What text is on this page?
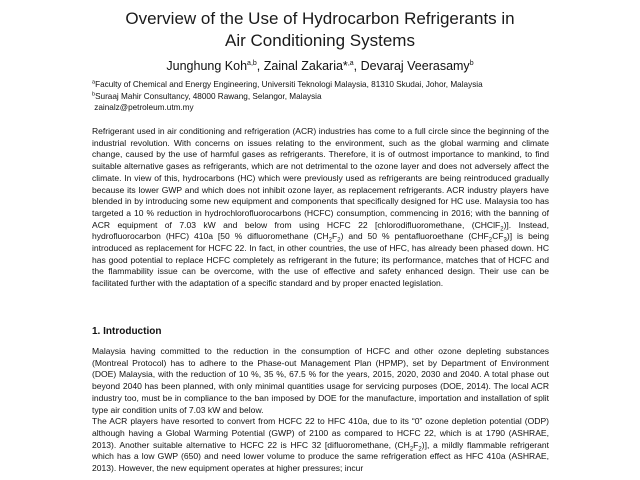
Overview of the Use of Hydrocarbon Refrigerants in
Air Conditioning Systems
Junghung Koh$^{a,b}$, Zainal Zakaria*$^{,a}$, Devaraj Veerasamy$^b$
$^a$Faculty of Chemical and Energy Engineering, Universiti Teknologi Malaysia, 81310 Skudai, Johor, Malaysia
$^b$Suraaj Mahir Consultancy, 48000 Rawang, Selangor, Malaysia
zainalz@petroleum.utm.my

Refrigerant used in air conditioning and refrigeration (ACR) industries has come to a full circle since the beginning of the industrial revolution. With concerns on issues relating to the environment, such as the global warming and climate change, caused by the use of harmful gases as refrigerants. Therefore, it is of outmost importance to mankind, to find suitable alternative gases as refrigerants, which are not detrimental to the ozone layer and does not adversely affect the climate. In view of this, hydrocarbons (HC) which were previously used as refrigerants are being reintroduced gradually because its lower GWP and which does not inhibit ozone layer, as replacement refrigerants. ACR industry players have blended in by introducing some new equipment and components that specifically designed for HC use. Malaysia too has targeted a 10 % reduction in hydrochlorofluorocarbons (HCFC) consumption, commencing in 2016; with the banning of ACR equipment of 7.03 kW and below from using HCFC 22 [chlorodifluoromethane, (CHClF$_2$)]. Instead, hydrofluorocarbon (HFC) 410a [50 % difluoromethane $(CH_2F_2)$ and 50 % pentafluoroethane $(CHF_2CF_3)$] is being introduced as replacement for HCFC 22. In fact, in other countries, the use of HFC, has already been phased down. HC has good potential to replace HCFC completely as refrigerant in the future; its performance, matches that of HCFC and the flammability issue can be overcome, with the use of effective and safety enhanced design. Their use can be facilitated further with the adaptation of a specific standard and by proper enacted legislation.

1. Introduction

Malaysia having committed to the reduction in the consumption of HCFC and other ozone depleting substances (Montreal Protocol) has to adhere to the Phase-out Management Plan (HPMP), set by Department of Environment (DOE) Malaysia, with the reduction of 10 %, 35 %, 67.5 % for the years, 2015, 2020, 2030 and 2040. A total phase out beyond 2040 has been planned, with only minimal quantities usage for servicing purposes (DOE, 2014). The local ACR industry too, must be in compliance to the ban imposed by DOE for the manufacture, importation and installation of split type air condition units of 7.03 kW and below.

The ACR players have resorted to convert from HCFC 22 to HFC 410a, due to its “0” ozone depletion potential (ODP) although having a Global Warming Potential (GWP) of 2100 as compared to HCFC 22, which is at 1790 (ASHRAE, 2013). Another suitable alternative to HCFC 22 is HFC 32 [difluoromethane, $(CH_2F_2)$], a mildly flammable refrigerant which has a low GWP (650) and need lower volume to produce the same refrigeration effect as HFC 410a (ASHRAE, 2013). However, the new equipment operates at higher pressures; incur
